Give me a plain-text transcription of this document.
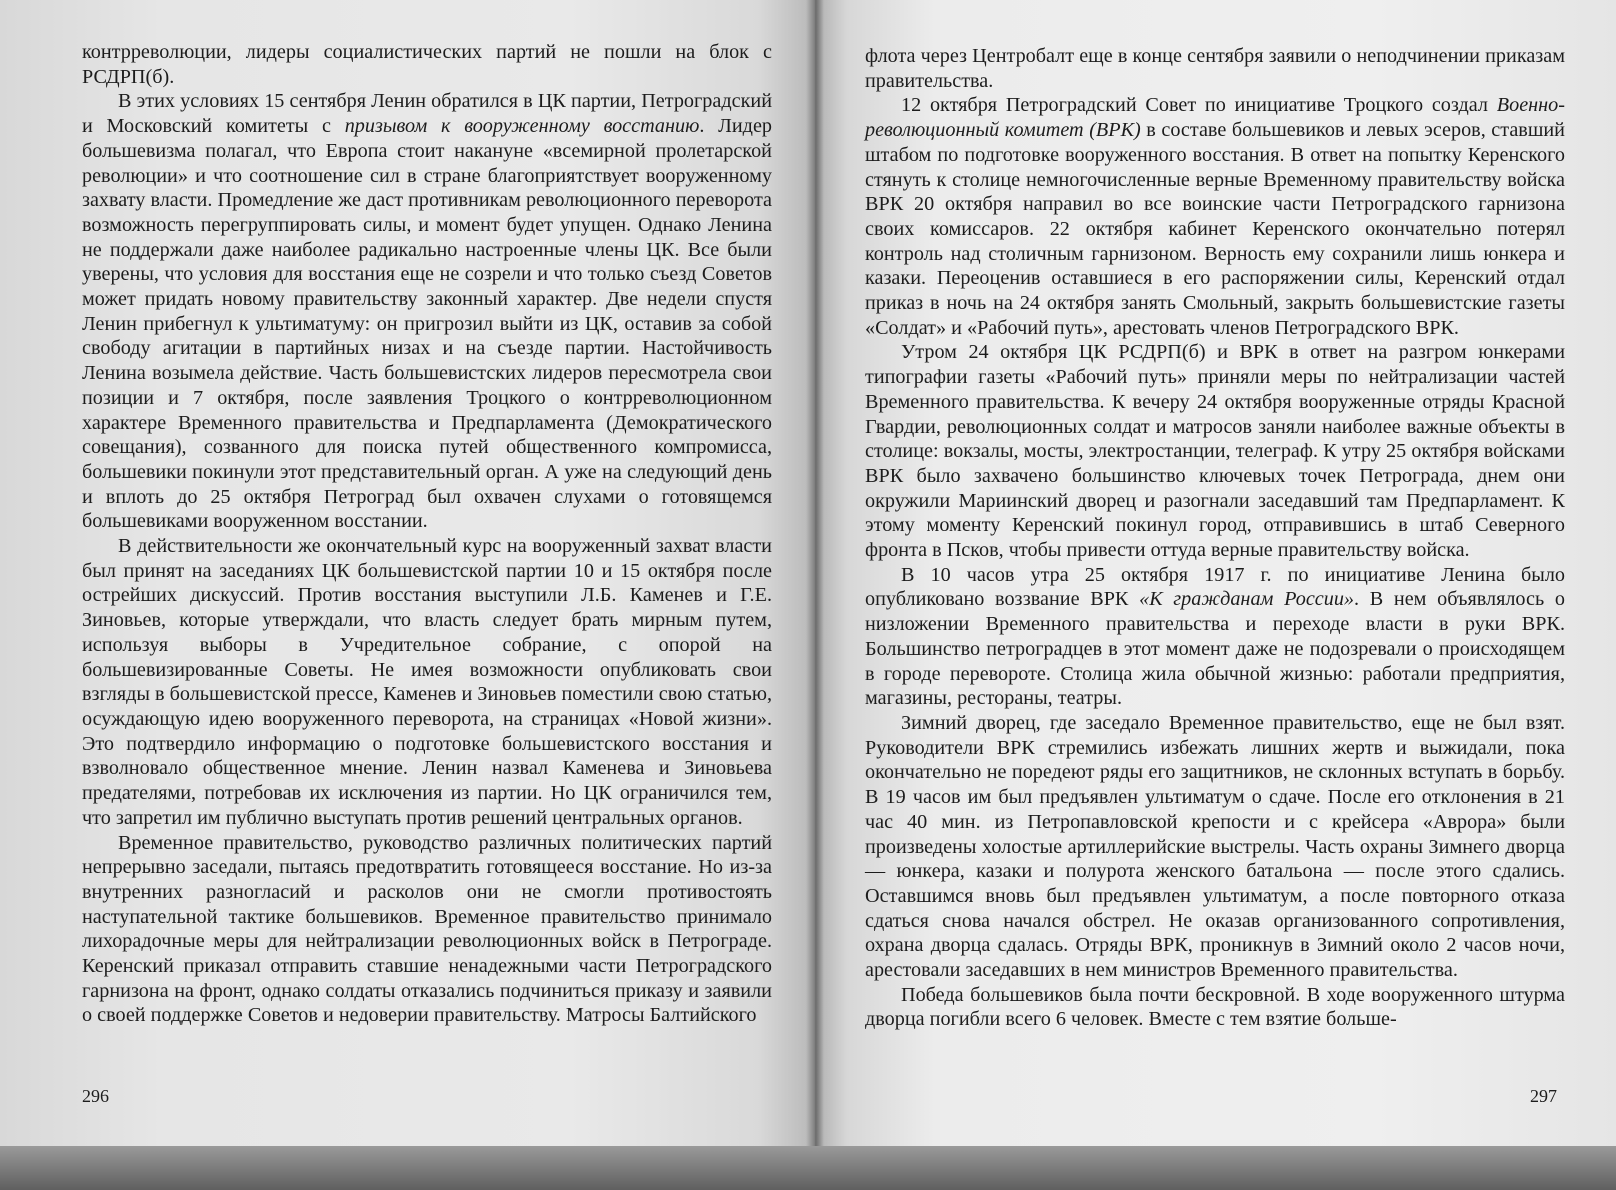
контрреволюции, лидеры социалистических партий не пошли на блок с РСДРП(б).

В этих условиях 15 сентября Ленин обратился в ЦК партии, Петроградский и Московский комитеты с призывом к вооруженному восстанию. Лидер большевизма полагал, что Европа стоит накануне «всемирной пролетарской революции» и что соотношение сил в стране благоприятствует вооруженному захвату власти. Промедление же даст противникам революционного переворота возможность перегруппировать силы, и момент будет упущен. Однако Ленина не поддержали даже наиболее радикально настроенные члены ЦК. Все были уверены, что условия для восстания еще не созрели и что только съезд Советов может придать новому правительству законный характер. Две недели спустя Ленин прибегнул к ультиматуму: он пригрозил выйти из ЦК, оставив за собой свободу агитации в партийных низах и на съезде партии. Настойчивость Ленина возымела действие. Часть большевистских лидеров пересмотрела свои позиции и 7 октября, после заявления Троцкого о контрреволюционном характере Временного правительства и Предпарламента (Демократического совещания), созванного для поиска путей общественного компромисса, большевики покинули этот представительный орган. А уже на следующий день и вплоть до 25 октября Петроград был охвачен слухами о готовящемся большевиками вооруженном восстании.

В действительности же окончательный курс на вооруженный захват власти был принят на заседаниях ЦК большевистской партии 10 и 15 октября после острейших дискуссий. Против восстания выступили Л.Б. Каменев и Г.Е. Зиновьев, которые утверждали, что власть следует брать мирным путем, используя выборы в Учредительное собрание, с опорой на большевизированные Советы. Не имея возможности опубликовать свои взгляды в большевистской прессе, Каменев и Зиновьев поместили свою статью, осуждающую идею вооруженного переворота, на страницах «Новой жизни». Это подтвердило информацию о подготовке большевистского восстания и взволновало общественное мнение. Ленин назвал Каменева и Зиновьева предателями, потребовав их исключения из партии. Но ЦК ограничился тем, что запретил им публично выступать против решений центральных органов.

Временное правительство, руководство различных политических партий непрерывно заседали, пытаясь предотвратить готовящееся восстание. Но из-за внутренних разногласий и расколов они не смогли противостоять наступательной тактике большевиков. Временное правительство принимало лихорадочные меры для нейтрализации революционных войск в Петрограде. Керенский приказал отправить ставшие ненадежными части Петроградского гарнизона на фронт, однако солдаты отказались подчиниться приказу и заявили о своей поддержке Советов и недоверии правительству. Матросы Балтийского

296

флота через Центробалт еще в конце сентября заявили о неподчинении приказам правительства.

12 октября Петроградский Совет по инициативе Троцкого создал Военно-революционный комитет (ВРК) в составе большевиков и левых эсеров, ставший штабом по подготовке вооруженного восстания. В ответ на попытку Керенского стянуть к столице немногочисленные верные Временному правительству войска ВРК 20 октября направил во все воинские части Петроградского гарнизона своих комиссаров. 22 октября кабинет Керенского окончательно потерял контроль над столичным гарнизоном. Верность ему сохранили лишь юнкера и казаки. Переоценив оставшиеся в его распоряжении силы, Керенский отдал приказ в ночь на 24 октября занять Смольный, закрыть большевистские газеты «Солдат» и «Рабочий путь», арестовать членов Петроградского ВРК.

Утром 24 октября ЦК РСДРП(б) и ВРК в ответ на разгром юнкерами типографии газеты «Рабочий путь» приняли меры по нейтрализации частей Временного правительства. К вечеру 24 октября вооруженные отряды Красной Гвардии, революционных солдат и матросов заняли наиболее важные объекты в столице: вокзалы, мосты, электростанции, телеграф. К утру 25 октября войсками ВРК было захвачено большинство ключевых точек Петрограда, днем они окружили Мариинский дворец и разогнали заседавший там Предпарламент. К этому моменту Керенский покинул город, отправившись в штаб Северного фронта в Псков, чтобы привести оттуда верные правительству войска.

В 10 часов утра 25 октября 1917 г. по инициативе Ленина было опубликовано воззвание ВРК «К гражданам России». В нем объявлялось о низложении Временного правительства и переходе власти в руки ВРК. Большинство петроградцев в этот момент даже не подозревали о происходящем в городе перевороте. Столица жила обычной жизнью: работали предприятия, магазины, рестораны, театры.

Зимний дворец, где заседало Временное правительство, еще не был взят. Руководители ВРК стремились избежать лишних жертв и выжидали, пока окончательно не поредеют ряды его защитников, не склонных вступать в борьбу. В 19 часов им был предъявлен ультиматум о сдаче. После его отклонения в 21 час 40 мин. из Петропавловской крепости и с крейсера «Аврора» были произведены холостые артиллерийские выстрелы. Часть охраны Зимнего дворца — юнкера, казаки и полурота женского батальона — после этого сдались. Оставшимся вновь был предъявлен ультиматум, а после повторного отказа сдаться снова начался обстрел. Не оказав организованного сопротивления, охрана дворца сдалась. Отряды ВРК, проникнув в Зимний около 2 часов ночи, арестовали заседавших в нем министров Временного правительства.

Победа большевиков была почти бескровной. В ходе вооруженного штурма дворца погибли всего 6 человек. Вместе с тем взятие больше-

297
